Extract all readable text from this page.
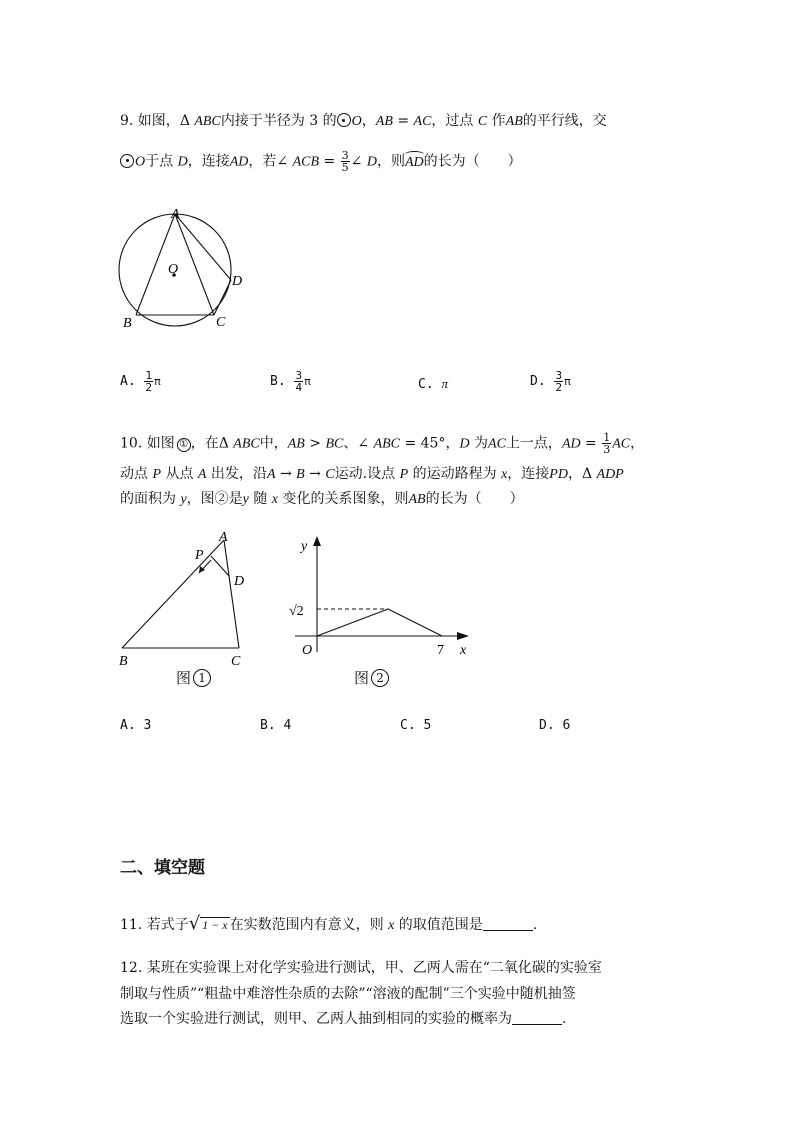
9. 如图，Δ ABC内接于半径为 3 的 O，AB = AC，过点 C 作AB的平行线，交
O于点 D，连接AD，若∠ ACB = $\frac{3}{5}$ ∠ D，则AD的长为（　　）
A
O
D
B	C
A. $\frac{1}{2}$ π	B. $\frac{3}{4}$ π	C. π	D. $\frac{3}{2}$ π
10. 如图 ① ，在Δ ABC中，AB > BC、∠ ABC = 45°，D 为AC上一点，AD = $\frac{1}{3}$ AC，
动点 P 从点 A 出发，沿A → B → C运动.设点 P 的运动路程为 x，连接PD，Δ ADP
的面积为 y，图②是y 随 x 变化的关系图象，则AB的长为（　　）
A
P
D
B	C
图 1
y
√2
O	7 x
图 2
A. 3	B. 4	C. 5	D. 6
二、填空题
11. 若式子√ 1 − x 在实数范围内有意义，则 x 的取值范围是	.
12. 某班在实验课上对化学实验进行测试，甲、乙两人需在“二氧化碳的实验室
制取与性质”“粗盐中难溶性杂质的去除”“溶液的配制”三个实验中随机抽签
选取一个实验进行测试，则甲、乙两人抽到相同的实验的概率为	.
